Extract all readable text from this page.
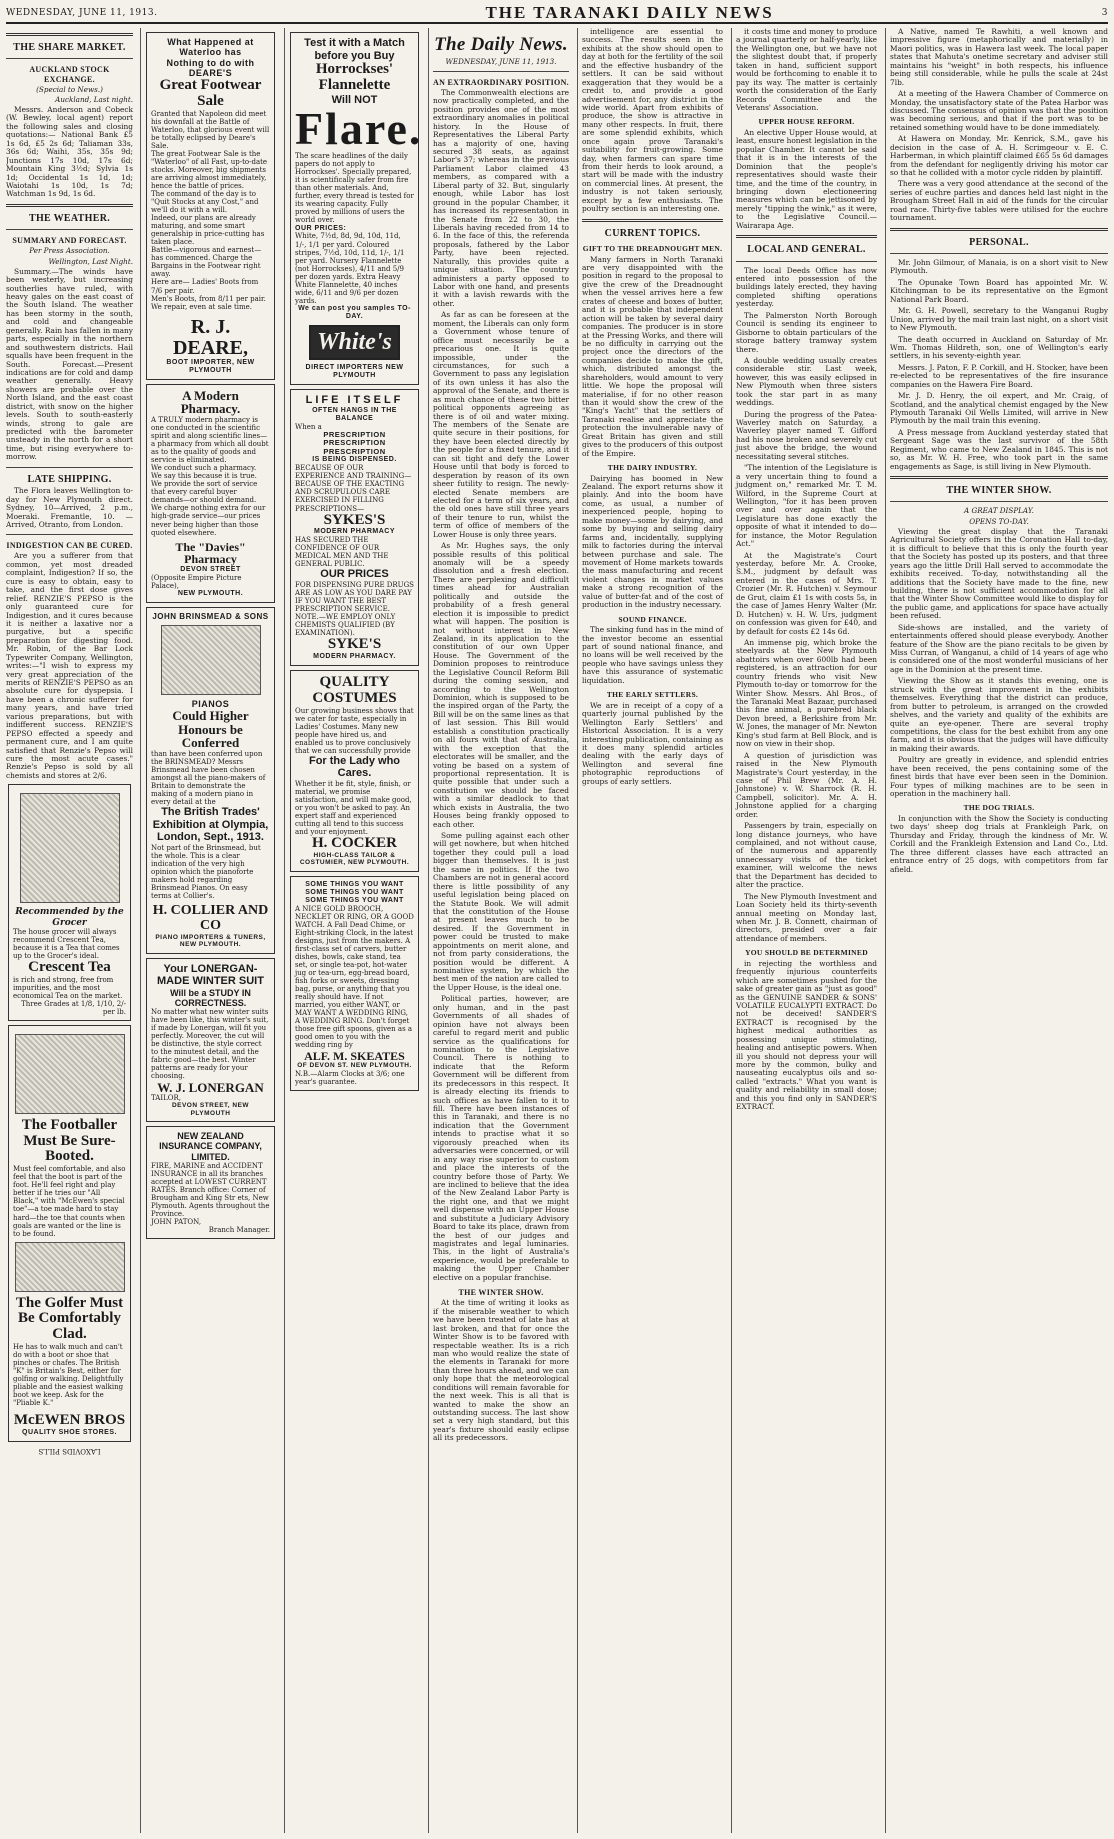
WEDNESDAY, JUNE 11, 1913.	THE TARANAKI DAILY NEWS	3
THE SHARE MARKET.
AUCKLAND STOCK EXCHANGE.
(Special to News.)
Auckland, Last night.

Messrs. Anderson and Cobeck (W. Bewley, local agent) report the following sales and closing quotations:— National Bank £5 1s 6d, £5 2s 6d; Taliaman 33s, 36s 6d; Waihi, 35s, 35s 9d; Junctions 17s 10d, 17s 6d; Mountain King 3½d; Sylvia 1s 1d; Occidental 1s 1d, 1d; Waiotahi 1s 10d, 1s 7d; Watchman 1s 9d, 1s 6d.

THE WEATHER.
SUMMARY AND FORECAST.
Per Press Association.
Wellington, Last Night.

Summary.—The winds have been westerly, but increasing southerlies have ruled, with heavy gales on the east coast of the South Island. The weather has been stormy in the south, and cold and changeable generally. Rain has fallen in many parts, especially in the northern and southwestern districts. Hail squalls have been frequent in the South. Forecast.—Present indications are for cold and damp weather generally. Heavy showers are probable over the North Island, and the east coast district, with snow on the higher levels. South to south-easterly winds, strong to gale are predicted with the barometer unsteady in the north for a short time, but rising everywhere to-morrow.

LATE SHIPPING.

The Flora leaves Wellington to-day for New Plymouth direct. Sydney, 10—Arrived, 2 p.m., Moeraki. Fremantle, 10. — Arrived, Otranto, from London.

INDIGESTION CAN BE CURED.

Are you a sufferer from that common, yet most dreaded complaint, Indigestion? If so, the cure is easy to obtain, easy to take, and the first dose gives relief. RENZIE'S PEPSO is the only guaranteed cure for Indigestion, and it cures because it is neither a laxative nor a purgative, but a specific preparation for digesting food. Mr. Robin, of the Bar Lock Typewriter Company, Wellington, writes:—"I wish to express my very great appreciation of the merits of RENZIE'S PEPSO as an absolute cure for dyspepsia. I have been a chronic sufferer for many years, and have tried various preparations, but with indifferent success. RENZIE'S PEPSO effected a speedy and permanent cure, and I am quite satisfied that Renzie's Pepso will cure the most acute cases." Renzie's Pepso is sold by all chemists and stores at 2/6.

Recommended by the Grocer
The house grocer will always recommend Crescent Tea, because it is a Tea that comes up to the Grocer's ideal.
Crescent Tea
is rich and strong, free from impurities, and the most economical Tea on the market.
Three Grades at 1/8, 1/10, 2/- per lb.
The Footballer Must Be Sure-Booted.
Must feel comfortable, and also feel that the boot is part of the foot. He'll feel right and play better if he tries our "All Black," with "McEwen's special toe"—a toe made hard to stay hard—the toe that counts when goals are wanted or the line is to be found.
The Golfer Must Be Comfortably Clad.
He has to walk much and can't do with a boot or shoe that pinches or chafes. The British "K" is Britain's Best, either for golfing or walking. Delightfully pliable and the easiest walking boot we keep. Ask for the "Pliable K."
McEWEN BROS
QUALITY SHOE STORES.
LAXOVIDS PILLS
What Happened at Waterloo has
Nothing to do with DEARE'S
Great Footwear Sale
Granted that Napoleon did meet his downfall at the Battle of Waterloo, that glorious event will be totally eclipsed by Deare's Sale.
The great Footwear Sale is the "Waterloo" of all Fast, up-to-date stocks. Moreover, big shipments are arriving almost immediately, hence the battle of prices.
The command of the day is to "Quit Stocks at any Cost," and we'll do it with a will.
Indeed, our plans are already maturing, and some smart generalship in price-cutting has taken place.
Battle—vigorous and earnest—has commenced. Charge the Bargains in the Footwear right away.
Here are— Ladies' Boots from 7/6 per pair.
Men's Boots, from 8/11 per pair.
We repair, even at sale time.
R. J. DEARE,
BOOT IMPORTER, NEW PLYMOUTH
A Modern Pharmacy.
A TRULY modern pharmacy is one conducted in the scientific spirit and along scientific lines—a pharmacy from which all doubt as to the quality of goods and service is eliminated.
We conduct such a pharmacy.
We say this because it is true.
We provide the sort of service that every careful buyer demands—or should demand.
We charge nothing extra for our high-grade service—our prices never being higher than those quoted elsewhere.
The "Davies" Pharmacy
DEVON STREET
(Opposite Empire Picture Palace),
NEW PLYMOUTH.
JOHN BRINSMEAD & SONS
PIANOS
Could Higher Honours be Conferred
than have been conferred upon the BRINSMEAD? Messrs Brinsmead have been chosen amongst all the piano-makers of Britain to demonstrate the making of a modern piano in every detail at the
The British Trades' Exhibition at Olympia, London, Sept., 1913.
Not part of the Brinsmead, but the whole. This is a clear indication of the very high opinion which the pianoforte makers hold regarding Brinsmead Pianos. On easy terms at Collier's.
H. COLLIER AND CO
PIANO IMPORTERS & TUNERS, NEW PLYMOUTH.
Your LONERGAN-MADE WINTER SUIT
Will be a STUDY IN CORRECTNESS.
No matter what new winter suits have been like, this winter's suit, if made by Lonergan, will fit you perfectly. Moreover, the cut will be distinctive, the style correct to the minutest detail, and the fabric good—the best. Winter patterns are ready for your choosing.
W. J. LONERGAN
TAILOR,
DEVON STREET, NEW PLYMOUTH
NEW ZEALAND INSURANCE COMPANY, LIMITED.
FIRE, MARINE and ACCIDENT INSURANCE in all its branches accepted at LOWEST CURRENT RATES. Branch office: Corner of Brougham and King Str ets, New Plymouth. Agents throughout the Province.
JOHN PATON,
Branch Manager.
Test it with a Match before you Buy
Horrockses' Flannelette
Will NOT
Flare.
The scare headlines of the daily papers do not apply to Horrockses'. Specially prepared, it is scientifically safer from fire than other materials. And, further, every thread is tested for its wearing capacity. Fully proved by millions of users the world over.
OUR PRICES:
White, 7½d, 8d, 9d, 10d, 11d, 1/-, 1/1 per yard. Coloured stripes, 7½d, 10d, 11d, 1/-, 1/1 per yard. Nursery Flannelette (not Horrockses), 4/11 and 5/9 per dozen yards. Extra Heavy White Flannelette, 40 inches wide, 6/11 and 9/6 per dozen yards.
We can post you samples TO-DAY.
White's
DIRECT IMPORTERS NEW PLYMOUTH
LIFE ITSELF
OFTEN HANGS IN THE BALANCE
When a
PRESCRIPTION PRESCRIPTION PRESCRIPTION
IS BEING DISPENSED.
BECAUSE OF OUR EXPERIENCE AND TRAINING—BECAUSE OF THE EXACTING AND SCRUPULOUS CARE EXERCISED IN FILLING PRESCRIPTIONS—
SYKES'S
MODERN PHARMACY
HAS SECURED THE CONFIDENCE OF OUR MEDICAL MEN AND THE GENERAL PUBLIC.
OUR PRICES
FOR DISPENSING PURE DRUGS ARE AS LOW AS YOU DARE PAY IF YOU WANT THE BEST PRESCRIPTION SERVICE.
NOTE.—WE EMPLOY ONLY CHEMISTS QUALIFIED (BY EXAMINATION).
SYKE'S
MODERN PHARMACY.
QUALITY COSTUMES
Our growing business shows that we cater for taste, especially in Ladies' Costumes. Many new people have hired us, and enabled us to prove conclusively that we can successfully provide
For the Lady who Cares.
Whether it be fit, style, finish, or material, we promise satisfaction, and will make good, or you won't be asked to pay. An expert staff and experienced cutting all tend to this success and your enjoyment.
H. COCKER
HIGH-CLASS TAILOR & COSTUMIER, NEW PLYMOUTH.
SOME THINGS YOU WANT SOME THINGS YOU WANT SOME THINGS YOU WANT
A NICE GOLD BROOCH, NECKLET OR RING, OR A GOOD WATCH. A Fall Dead Chime, or Eight-striking Clock, in the latest designs, just from the makers. A first-class set of carvers, butter dishes, bowls, cake stand, tea set, or single tea-pot, hot-water jug or tea-urn, egg-bread board, fish forks or sweets, dressing bag, purse, or anything that you really should have. If not married, you either WANT, or MAY WANT A WEDDING RING, A WEDDING RING. Don't forget those free gift spoons, given as a good omen to you with the wedding ring by
ALF. M. SKEATES
OF DEVON ST. NEW PLYMOUTH.
N.B.—Alarm Clocks at 3/6; one year's guarantee.
The Daily News.
WEDNESDAY, JUNE 11, 1913.
AN EXTRAORDINARY POSITION.

The Commonwealth elections are now practically completed, and the position provides one of the most extraordinary anomalies in political history. In the House of Representatives the Liberal Party has a majority of one, having secured 38 seats, as against Labor's 37; whereas in the previous Parliament Labor claimed 43 members, as compared with a Liberal party of 32. But, singularly enough, while Labor has lost ground in the popular Chamber, it has increased its representation in the Senate from 22 to 30, the Liberals having receded from 14 to 6. In the face of this, the referenda proposals, fathered by the Labor Party, have been rejected. Naturally, this provides quite a unique situation. The country administers a party opposed to Labor with one hand, and presents it with a lavish rewards with the other.

As far as can be foreseen at the moment, the Liberals can only form a Government whose tenure of office must necessarily be a precarious one. It is quite impossible, under the circumstances, for such a Government to pass any legislation of its own unless it has also the approval of the Senate, and there is as much chance of these two bitter political opponents agreeing as there is of oil and water mixing. The members of the Senate are quite secure in their positions, for they have been elected directly by the people for a fixed tenure, and it can sit tight and defy the Lower House until that body is forced to desperation by reason of its own sheer futility to resign. The newly-elected Senate members are elected for a term of six years, and the old ones have still three years of their tenure to run, whilst the term of office of members of the Lower House is only three years.

As Mr. Hughes says, the only possible results of this political anomaly will be a speedy dissolution and a fresh election. There are perplexing and difficult times ahead for Australian politically and outside the probability of a fresh general election it is impossible to predict what will happen. The position is not without interest in New Zealand, in its application to the constitution of our own Upper House. The Government of the Dominion proposes to reintroduce the Legislative Council Reform Bill during the coming session, and according to the Wellington Dominion, which is supposed to be the inspired organ of the Party, the Bill will be on the same lines as that of last session. This Bill would establish a constitution practically on all fours with that of Australia, with the exception that the electorates will be smaller, and the voting be based on a system of proportional representation. It is quite possible that under such a constitution we should be faced with a similar deadlock to that which exists in Australia, the two Houses being frankly opposed to each other.

Some pulling against each other will get nowhere, but when hitched together they could pull a load bigger than themselves. It is just the same in politics. If the two Chambers are not in general accord there is little possibility of any useful legislation being placed on the Statute Book. We will admit that the constitution of the House at present leaves much to be desired. If the Government in power could be trusted to make appointments on merit alone, and not from party considerations, the position would be different. A nominative system, by which the best men of the nation are called to the Upper House, is the ideal one.

Political parties, however, are only human, and in the past Governments of all shades of opinion have not always been careful to regard merit and public service as the qualifications for nomination to the Legislative Council. There is nothing to indicate that the Reform Government will be different from its predecessors in this respect. It is already electing its friends to such offices as have fallen to it to fill. There have been instances of this in Taranaki, and there is no indication that the Government intends to practise what it so vigorously preached when its adversaries were concerned, or will in any way rise superior to custom and place the interests of the country before those of Party. We are inclined to believe that the idea of the New Zealand Labor Party is the right one, and that we might well dispense with an Upper House and substitute a Judiciary Advisory Board to take its place, drawn from the best of our judges and magistrates and legal luminaries. This, in the light of Australia's experience, would be preferable to making the Upper Chamber elective on a popular franchise.

THE WINTER SHOW.

At the time of writing it looks as if the miserable weather to which we have been treated of late has at last broken, and that for once the Winter Show is to be favored with respectable weather. Its is a rich man who would realize the state of the elements in Taranaki for more than three hours ahead, and we can only hope that the meteorological conditions will remain favorable for the next week. This is all that is wanted to make the show an outstanding success. The last show set a very high standard, but this year's fixture should easily eclipse all its predecessors.

intelligence are essential to success. The results seen in the exhibits at the show should open to day at both for the fertility of the soil and the effective husbandry of the settlers. It can be said without exaggeration that they would be a credit to, and provide a good advertisement for, any district in the wide world. Apart from exhibits of produce, the show is attractive in many other respects. In fruit, there are some splendid exhibits, which once again prove Taranaki's suitability for fruit-growing. Some day, when farmers can spare time from their herds to look around, a start will be made with the industry on commercial lines. At present, the industry is not taken seriously, except by a few enthusiasts. The poultry section is an interesting one.

CURRENT TOPICS.
GIFT TO THE DREADNOUGHT MEN.

Many farmers in North Taranaki are very disappointed with the position in regard to the proposal to give the crew of the Dreadnought when the vessel arrives here a few crates of cheese and boxes of butter, and it is probable that independent action will be taken by several dairy companies. The producer is in store at the Pressing Works, and there will be no difficulty in carrying out the project once the directors of the companies decide to make the gift, which, distributed amongst the shareholders, would amount to very little. We hope the proposal will materialise, if for no other reason than it would show the crew of the "King's Yacht" that the settlers of Taranaki realise and appreciate the protection the invulnerable navy of Great Britain has given and still gives to the producers of this outpost of the Empire.

THE DAIRY INDUSTRY.

Dairying has boomed in New Zealand. The export returns show it plainly. And into the boom have come, as usual, a number of inexperienced people, hoping to make money—some by dairying, and some by buying and selling dairy farms and, incidentally, supplying milk to factories during the interval between purchase and sale. The movement of Home markets towards the mass manufacturing and recent violent changes in market values make a strong recognition of the value of butter-fat and of the cost of production in the industry necessary.

SOUND FINANCE.

The sinking fund has in the mind of the investor become an essential part of sound national finance, and no loans will be well received by the people who have savings unless they have this assurance of systematic liquidation.

THE EARLY SETTLERS.

We are in receipt of a copy of a quarterly journal published by the Wellington Early Settlers' and Historical Association. It is a very interesting publication, containing as it does many splendid articles dealing with the early days of Wellington and several fine photographic reproductions of groups of early settlers.

it costs time and money to produce a journal quarterly or half-yearly, like the Wellington one, but we have not the slightest doubt that, if properly taken in hand, sufficient support would be forthcoming to enable it to pay its way. The matter is certainly worth the consideration of the Early Records Committee and the Veterans' Association.

UPPER HOUSE REFORM.

An elective Upper House would, at least, ensure honest legislation in the popular Chamber. It cannot be said that it is in the interests of the Dominion that the people's representatives should waste their time, and the time of the country, in bringing down electioneering measures which can be jettisoned by merely "tipping the wink," as it were, to the Legislative Council.—Wairarapa Age.

LOCAL AND GENERAL.

The local Deeds Office has now entered into possession of the buildings lately erected, they having completed shifting operations yesterday.

The Palmerston North Borough Council is sending its engineer to Gisborne to obtain particulars of the storage battery tramway system there.

A double wedding usually creates considerable stir. Last week, however, this was easily eclipsed in New Plymouth when three sisters took the star part in as many weddings.

During the progress of the Patea-Waverley match on Saturday, a Waverley player named T. Gifford had his nose broken and severely cut just above the bridge, the wound necessitating several stitches.

"The intention of the Legislature is a very uncertain thing to found a judgment on," remarked Mr. T. M. Wilford, in the Supreme Court at Wellington, "for it has been proven over and over again that the Legislature has done exactly the opposite of what it intended to do—for instance, the Motor Regulation Act."

At the Magistrate's Court yesterday, before Mr. A. Crooke, S.M., judgment by default was entered in the cases of Mrs. T. Crozier (Mr. R. Hutchen) v. Seymour de Grut, claim £1 1s with costs 5s, in the case of James Henry Walter (Mr. D. Hutchen) v. H. W. Urs, judgment on confession was given for £40, and by default for costs £2 14s 6d.

An immense pig, which broke the steelyards at the New Plymouth abattoirs when over 600lb had been registered, is an attraction for our country friends who visit New Plymouth to-day or tomorrow for the Winter Show. Messrs. Ahl Bros., of the Taranaki Meat Bazaar, purchased this fine animal, a purebred black Devon breed, a Berkshire from Mr. W. Jones, the manager of Mr. Newton King's stud farm at Bell Block, and is now on view in their shop.

A question of jurisdiction was raised in the New Plymouth Magistrate's Court yesterday, in the case of Phil Brew (Mr. A. H. Johnstone) v. W. Sharrock (R. H. Campbell, solicitor). Mr. A. H. Johnstone applied for a charging order.

Passengers by train, especially on long distance journeys, who have complained, and not without cause, of the numerous and apparently unnecessary visits of the ticket examiner, will welcome the news that the Department has decided to alter the practice.

The New Plymouth Investment and Loan Society held its thirty-seventh annual meeting on Monday last, when Mr. J. B. Connett, chairman of directors, presided over a fair attendance of members.

YOU SHOULD BE DETERMINED

in rejecting the worthless and frequently injurious counterfeits which are sometimes pushed for the sake of greater gain as "just as good" as the GENUINE SANDER & SONS' VOLATILE EUCALYPTI EXTRACT. Do not be deceived! SANDER'S EXTRACT is recognised by the highest medical authorities as possessing unique stimulating, healing and antiseptic powers. When ill you should not depress your will more by the common, bulky and nauseating eucalyptus oils and so-called "extracts." What you want is quality and reliability in small dose; and this you find only in SANDER'S EXTRACT.

A Native, named Te Rawhiti, a well known and impressive figure (metaphorically and materially) in Maori politics, was in Hawera last week. The local paper states that Mahuta's onetime secretary and adviser still maintains his "weight" in both respects, his influence being still considerable, while he pulls the scale at 24st 7lb.

At a meeting of the Hawera Chamber of Commerce on Monday, the unsatisfactory state of the Patea Harbor was discussed. The consensus of opinion was that the position was becoming serious, and that if the port was to be retained something would have to be done immediately.

At Hawera on Monday, Mr. Kenrick, S.M., gave his decision in the case of A. H. Scrimgeour v. E. C. Harberman, in which plaintiff claimed £65 5s 6d damages from the defendant for negligently driving his motor car so that he collided with a motor cycle ridden by plaintiff.

There was a very good attendance at the second of the series of euchre parties and dances held last night in the Brougham Street Hall in aid of the funds for the circular road race. Thirty-five tables were utilised for the euchre tournament.

PERSONAL.

Mr. John Gilmour, of Manaia, is on a short visit to New Plymouth.

The Opunake Town Board has appointed Mr. W. Kitchingman to be its representative on the Egmont National Park Board.

Mr. G. H. Powell, secretary to the Wanganui Rugby Union, arrived by the mail train last night, on a short visit to New Plymouth.

The death occurred in Auckland on Saturday of Mr. Wm. Thomas Hildreth, son, one of Wellington's early settlers, in his seventy-eighth year.

Messrs. J. Paton, F. P. Corkill, and H. Stocker, have been re-elected to be representatives of the fire insurance companies on the Hawera Fire Board.

Mr. J. D. Henry, the oil expert, and Mr. Craig, of Scotland, and the analytical chemist engaged by the New Plymouth Taranaki Oil Wells Limited, will arrive in New Plymouth by the mail train this evening.

A Press message from Auckland yesterday stated that Sergeant Sage was the last survivor of the 58th Regiment, who came to New Zealand in 1845. This is not so, as Mr. W. H. Free, who took part in the same engagements as Sage, is still living in New Plymouth.

THE WINTER SHOW.
A GREAT DISPLAY.
OPENS TO-DAY.

Viewing the great display that the Taranaki Agricultural Society offers in the Coronation Hall to-day, it is difficult to believe that this is only the fourth year that the Society has posted up its posters, and that three years ago the little Drill Hall served to accommodate the exhibits received. To-day, notwithstanding all the additions that the Society have made to the fine, new building, there is not sufficient accommodation for all that the Winter Show Committee would like to display for the public game, and applications for space have actually been refused.

Side-shows are installed, and the variety of entertainments offered should please everybody. Another feature of the Show are the piano recitals to be given by Miss Curran, of Wanganui, a child of 14 years of age who is considered one of the most wonderful musicians of her age in the Dominion at the present time.

Viewing the Show as it stands this evening, one is struck with the great improvement in the exhibits themselves. Everything that the district can produce, from butter to petroleum, is arranged on the crowded shelves, and the variety and quality of the exhibits are quite an eye-opener. There are several trophy competitions, the class for the best exhibit from any one farm, and it is obvious that the judges will have difficulty in making their awards.

Poultry are greatly in evidence, and splendid entries have been received, the pens containing some of the finest birds that have ever been seen in the Dominion. Four types of milking machines are to be seen in operation in the machinery hall.

THE DOG TRIALS.

In conjunction with the Show the Society is conducting two days' sheep dog trials at Frankleigh Park, on Thursday and Friday, through the kindness of Mr. W. Corkill and the Frankleigh Extension and Land Co., Ltd. The three different classes have each attracted an entrance entry of 25 dogs, with competitors from far afield.
